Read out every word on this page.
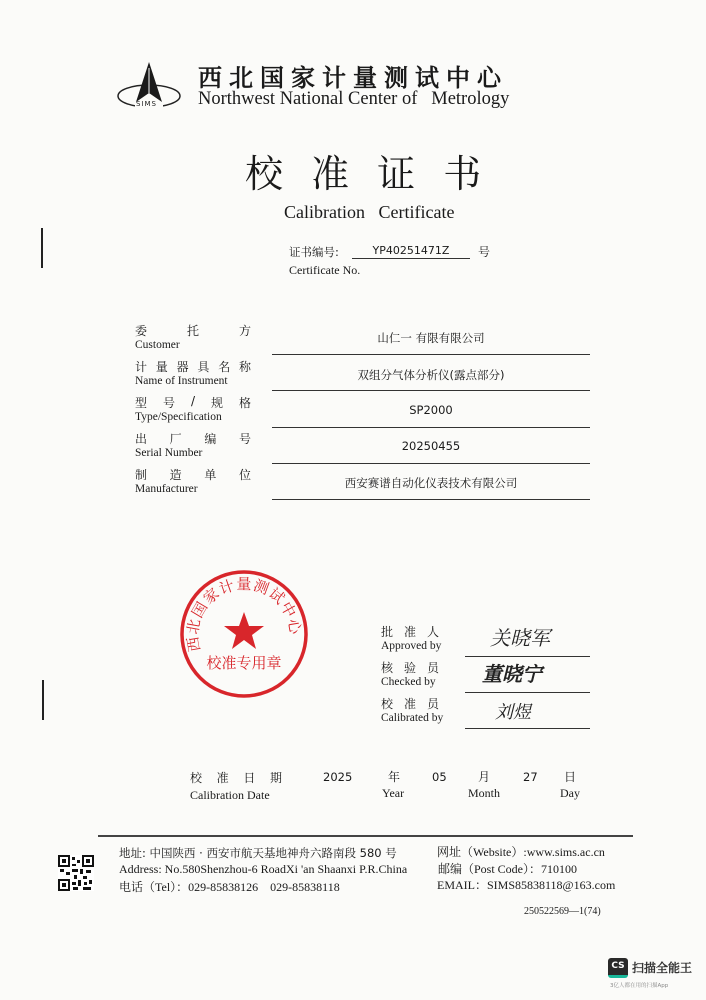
SIMS
西北国家计量测试中心
Northwest National Center of Metrology
校 准 证 书
Calibration   Certificate
证书编号:	YP40251471Z	号
Certificate No.
委	托	方
Customer	山仁一 有限有限公司
计 量 器 具 名 称
Name of Instrument	双组分气体分析仪(露点部分)
型 号 / 规 格
Type/Specification	SP2000
出 厂 编 号
Serial Number	20250455
制 造 单 位
Manufacturer	西安赛谱自动化仪表技术有限公司
西北国家计量测试中心
校准专用章
批 准 人
Approved by 关晓军
核 验 员
Checked by 董晓宁
校 准 员
Calibrated by	刘煜
校 准 日 期
Calibration Date
2025	年
Year
05	月
Month
27 日
Day
地址: 中国陕西 · 西安市航天基地神舟六路南段 580 号
Address: No.580Shenzhou-6 RoadXi 'an Shaanxi P.R.China
电话（Tel）：029-85838126    029-85838118
网址（Website）:www.sims.ac.cn
邮编（Post Code）：710100
EMAIL：SIMS85838118@163.com
250522569—1(74)
CS 扫描全能王
3亿人都在用的扫描App
